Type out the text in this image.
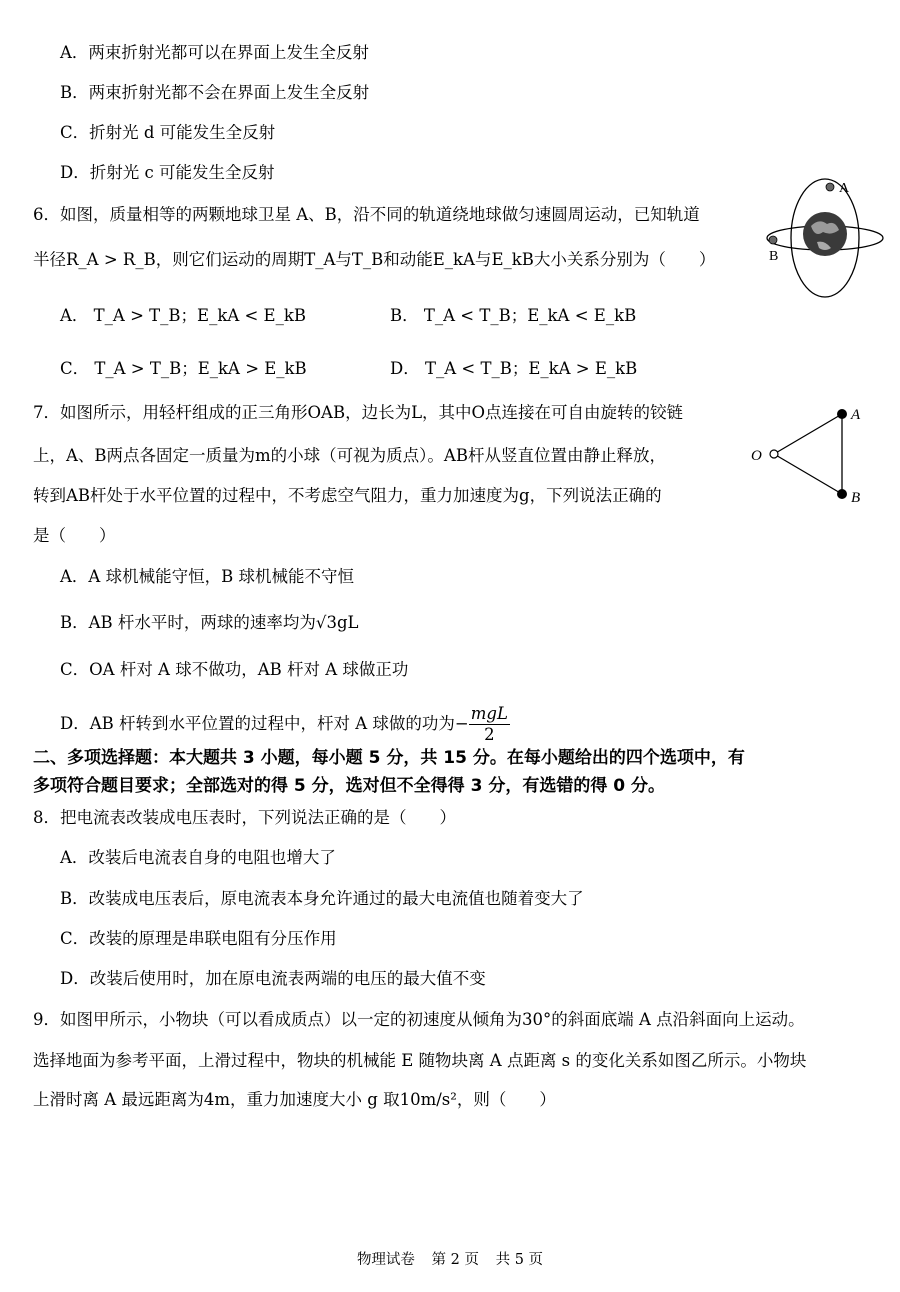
A．两束折射光都可以在界面上发生全反射
B．两束折射光都不会在界面上发生全反射
C．折射光 d 可能发生全反射
D．折射光 c 可能发生全反射
6．如图，质量相等的两颗地球卫星 A、B，沿不同的轨道绕地球做匀速圆周运动，已知轨道
半径R_A > R_B，则它们运动的周期T_A与T_B和动能E_kA与E_kB大小关系分别为（　　）
A． T_A > T_B；E_kA < E_kB	B． T_A < T_B；E_kA < E_kB
C． T_A > T_B；E_kA > E_kB	D． T_A < T_B；E_kA > E_kB
A
B
7．如图所示，用轻杆组成的正三角形OAB，边长为L，其中O点连接在可自由旋转的铰链
上，A、B两点各固定一质量为m的小球（可视为质点）。AB杆从竖直位置由静止释放，
转到AB杆处于水平位置的过程中，不考虑空气阻力，重力加速度为g，下列说法正确的
是（　　）
O
A
B
A．A 球机械能守恒，B 球机械能不守恒
B．AB 杆水平时，两球的速率均为√3gL
C．OA 杆对 A 球不做功，AB 杆对 A 球做正功
D．AB 杆转到水平位置的过程中，杆对 A 球做的功为− $\frac{\text{mgL}}{2}$
二、多项选择题：本大题共 3 小题，每小题 5 分，共 15 分。在每小题给出的四个选项中，有
多项符合题目要求；全部选对的得 5 分，选对但不全得得 3 分，有选错的得 0 分。
8．把电流表改装成电压表时，下列说法正确的是（　　）
A．改装后电流表自身的电阻也增大了
B．改装成电压表后，原电流表本身允许通过的最大电流值也随着变大了
C．改装的原理是串联电阻有分压作用
D．改装后使用时，加在原电流表两端的电压的最大值不变
9．如图甲所示，小物块（可以看成质点）以一定的初速度从倾角为30°的斜面底端 A 点沿斜面向上运动。
选择地面为参考平面，上滑过程中，物块的机械能 E 随物块离 A 点距离 s 的变化关系如图乙所示。小物块
上滑时离 A 最远距离为4m，重力加速度大小 g 取10m/s²，则（　　）
物理试卷 第 2 页 共 5 页
